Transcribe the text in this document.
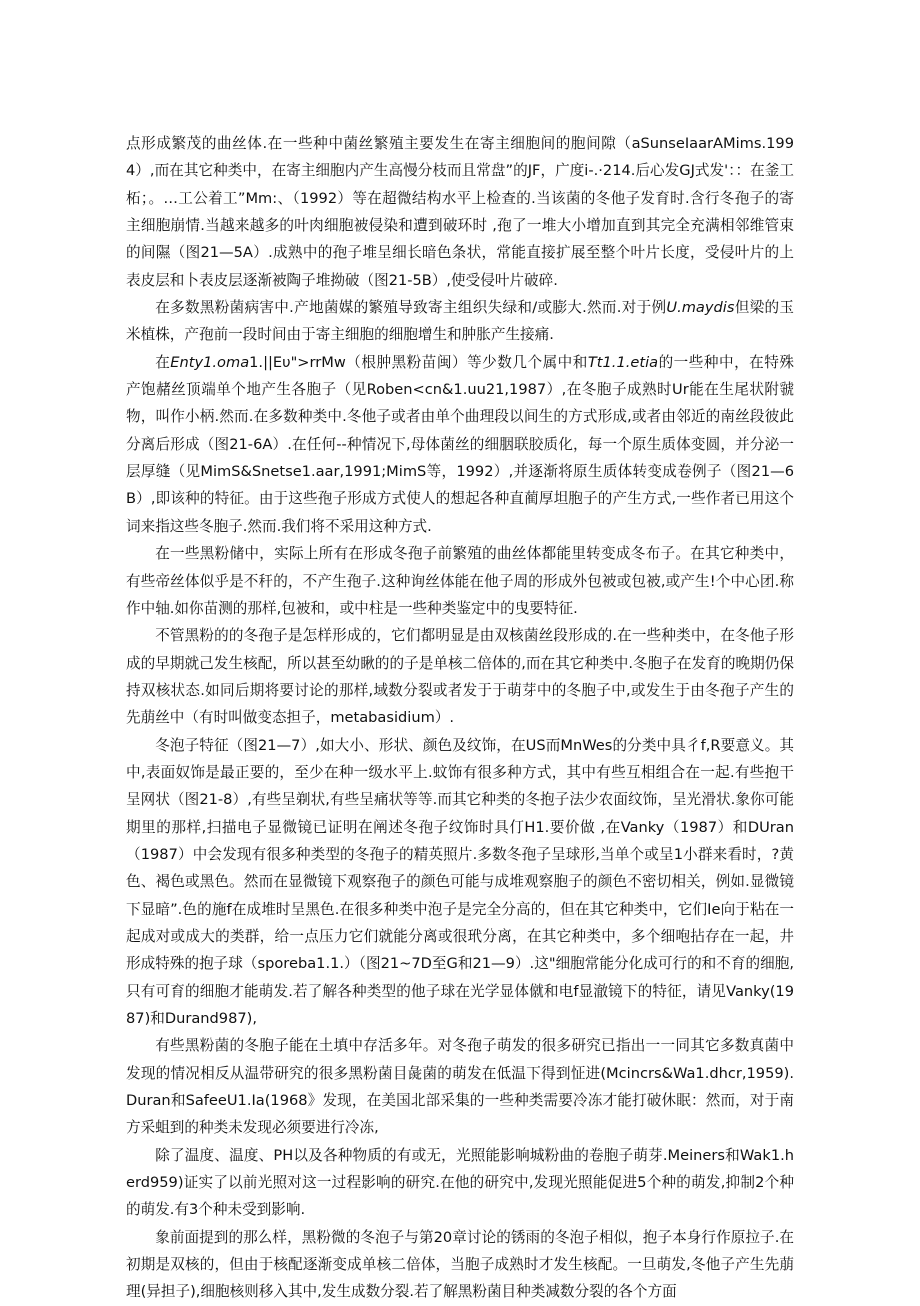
点形成繁茂的曲丝体.在一些种中菌丝繁殖主要发生在寄主细胞间的胞间隙（aSunseIaarAMims.1994）,而在其它种类中，在寄主细胞内产生高慢分枝而且常盘”的JF，广度i-.·214.后心发GJ式发'：：在釜工柘；。…工公着工”Mm:、（1992）等在超微结构水平上检查的.当该菌的冬他子发育时.含行冬孢子的寄主细胞崩情.当越来越多的叶肉细胞被侵染和遭到破环时 ,孢了一堆大小增加直到其完全充满相邻维管束的间隰（图21—5A）.成熟中的孢子堆呈细长暗色条状，常能直接扩展至整个叶片长度，受侵叶片的上表皮层和卜表皮层逐渐被陶子堆拗破（图21-5B）,使受侵叶片破碎.

在多数黑粉菌病害中.产地菌媒的繁殖导致寄主组织失绿和/或膨大.然而.对于例U.maydis但梁的玉米植株，产孢前一段时间由于寄主细胞的细胞增生和肿胀产生接痛.

在Enty1.oma1.||Eυ">rrMw（根肿黑粉苗闽）等少数几个属中和Tt1.1.etia的一些种中，在特殊产饱赭丝顶端单个地产生各胞子（见Roben<cn&1.uu21,1987）,在冬胞子成熟时Ur能在生尾状附虢物，叫作小柄.然而.在多数种类中.冬他子或者由单个曲理段以间生的方式形成,或者由邻近的南丝段彼此分离后形成（图21-6A）.在任何--种情况下,母体菌丝的细胭联胶质化，每一个原生质体变圆，并分泌一层厚缝（见MimS&Snetse1.aar,1991;MimS等，1992）,并逐渐将原生质体转变成卷例子（图21—6B）,即该种的特征。由于这些孢子形成方式使人的想起各种直蔺厚坦胞子的产生方式,一些作者已用这个词来指这些冬胞子.然而.我们将不采用这种方式.

在一些黑粉储中，实际上所有在形成冬孢子前繁殖的曲丝体都能里转变成冬布子。在其它种类中，有些帝丝体似乎是不秆的，不产生孢子.这种询丝体能在他子周的形成外包被或包被,或产生!个中心团.称作中轴.如你苗测的那样,包被和，或中柱是一些种类鉴定中的曳要特征.

不管黑粉的的冬孢子是怎样形成的，它们都明显是由双核菌丝段形成的.在一些种类中，在冬他子形成的早期就己发生核配，所以甚至幼瞅的的子是单核二倍体的,而在其它种类中.冬胞子在发育的晚期仍保持双核状态.如同后期将要讨论的那样,域数分裂或者发于于萌芽中的冬胞子中,或发生于由冬孢子产生的先萠丝中（有时叫做变态担子，metabasidium）.

冬泡子特征（图21—7）,如大小、形状、颜色及纹饰，在US而MnWes的分类中具彳f,R要意义。其中,表面奴饰是最正要的，至少在种一级水平上.蚊饰有很多种方式，其中有些互相组合在一起.有些抱干呈网状（图21-8）,有些呈剃状,有些呈痛状等等.而其它种类的冬抱子法少农面纹饰，呈光滑状.象你可能期里的那样,扫描电子显微镜已证明在阐述冬孢子纹饰时具仃H1.要价做 ,在Vanky（1987）和DUran（1987）中会发现有很多种类型的冬孢子的精英照片.多数冬孢子呈球形,当单个或呈1小群来看时，?黄色、褐色或黑色。然而在显微镜下观察孢子的颜色可能与成堆观察胞子的颜色不密切相关，例如.显微镜下显暗”.色的施f在成堆时呈黑色.在很多种类中泡子是完全分高的，但在其它种类中，它们Ie向于粘在一起成对或成大的类群，给一点压力它们就能分离或很玳分离，在其它种类中，多个细咆拈存在一起，井形成特殊的抱子球（sporeba1.1.）（图21~7D至G和21—9）.这"细胞常能分化成可行的和不育的细胞,只有可育的细胞才能萌发.若了解各种类型的他子球在光学显体僦和电f显澈镜下的特征，请见Vanky(1987)和Durand987),

有些黑粉菌的冬胞子能在土填中存活多年。对冬孢子萌发的很多研究已指出一一同其它多数真菌中发现的情况相反从温带研究的很多黑粉菌目彘菌的萌发在低温下得到怔进(Mcincrs&Wa1.dhcr,1959).Duran和SafeeU1.Ia(1968》发现，在美国北部采集的一些种类需要冷冻才能打破休眠：然而，对于南方采蛆到的种类未发现必须要进行冷冻,

除了温度、温度、PH以及各种物质的有或无，光照能影响城粉曲的卷胞子萌芽.Meiners和Wak1.herd959)证实了以前光照对这一过程影响的研究.在他的研究中,发现光照能促进5个种的萌发,抑制2个种的萌发.有3个种未受到影响.

象前面提到的那么样，黑粉微的冬泡子与第20章讨论的锈雨的冬泡子相似，抱子本身行作原拉子.在初期是双核的，但由于核配逐渐变成单核二倍体，当胞子成熟时才发生核配。一旦萌发,冬他子产生先萠理(异担子),细胞核则移入其中,发生成数分裂.若了解黑粉菌目种类减数分裂的各个方面
